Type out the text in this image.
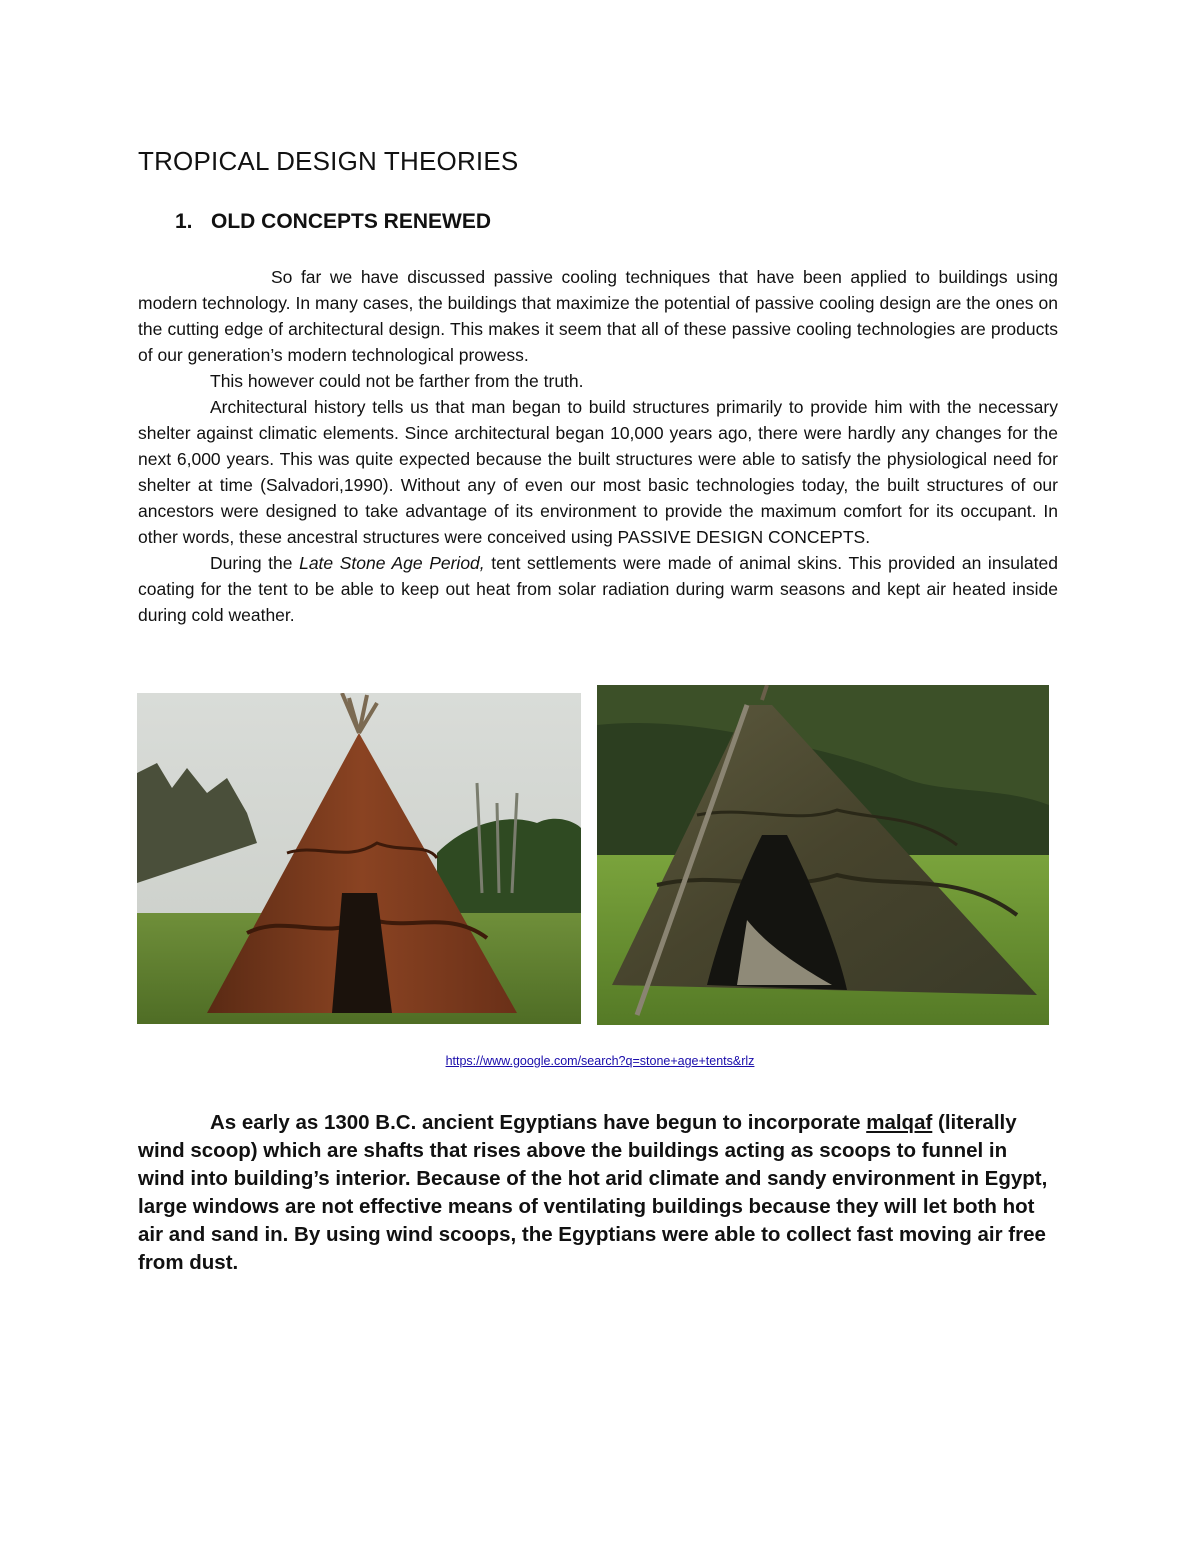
TROPICAL DESIGN THEORIES
1. OLD CONCEPTS RENEWED

So far we have discussed passive cooling techniques that have been applied to buildings using modern technology. In many cases, the buildings that maximize the potential of passive cooling design are the ones on the cutting edge of architectural design. This makes it seem that all of these passive cooling technologies are products of our generation’s modern technological prowess.

This however could not be farther from the truth.

Architectural history tells us that man began to build structures primarily to provide him with the necessary shelter against climatic elements. Since architectural began 10,000 years ago, there were hardly any changes for the next 6,000 years. This was quite expected because the built structures were able to satisfy the physiological need for shelter at time (Salvadori,1990). Without any of even our most basic technologies today, the built structures of our ancestors were designed to take advantage of its environment to provide the maximum comfort for its occupant. In other words, these ancestral structures were conceived using PASSIVE DESIGN CONCEPTS.

During the Late Stone Age Period, tent settlements were made of animal skins. This provided an insulated coating for the tent to be able to keep out heat from solar radiation during warm seasons and kept air heated inside during cold weather.

https://www.google.com/search?q=stone+age+tents&rlz

As early as 1300 B.C. ancient Egyptians have begun to incorporate malqaf (literally wind scoop) which are shafts that rises above the buildings acting as scoops to funnel in wind into building’s interior. Because of the hot arid climate and sandy environment in Egypt, large windows are not effective means of ventilating buildings because they will let both hot air and sand in. By using wind scoops, the Egyptians were able to collect fast moving air free from dust.
